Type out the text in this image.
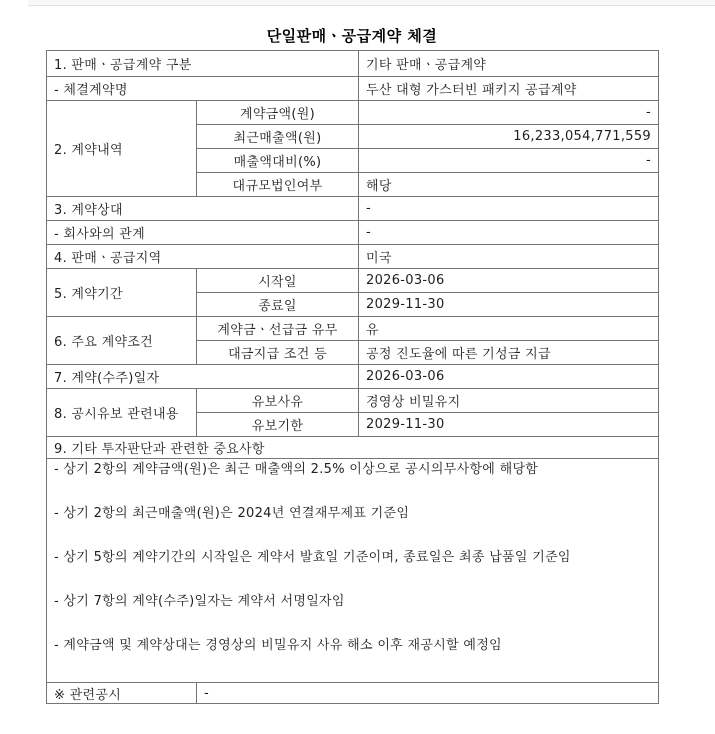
단일판매ㆍ공급계약 체결
1. 판매ㆍ공급계약 구분		기타 판매ㆍ공급계약
- 체결계약명		두산 대형 가스터빈 패키지 공급계약
2. 계약내역	계약금액(원)	-
	최근매출액(원)	16,233,054,771,559
	매출액대비(%)	-
	대규모법인여부	해당
3. 계약상대		-
- 회사와의 관계		-
4. 판매ㆍ공급지역		미국
5. 계약기간	시작일	2026-03-06
	종료일	2029-11-30
6. 주요 계약조건	계약금ㆍ선급금 유무	유
	대금지급 조건 등	공정 진도율에 따른 기성금 지급
7. 계약(수주)일자		2026-03-06
8. 공시유보 관련내용	유보사유	경영상 비밀유지
	유보기한	2029-11-30
9. 기타 투자판단과 관련한 중요사항		

- 상기 2항의 계약금액(원)은 최근 매출액의 2.5% 이상으로 공시의무사항에 해당함

- 상기 2항의 최근매출액(원)은 2024년 연결재무제표 기준임

- 상기 5항의 계약기간의 시작일은 계약서 발효일 기준이며, 종료일은 최종 납품일 기준임

- 상기 7항의 계약(수주)일자는 계약서 서명일자임

- 계약금액 및 계약상대는 경영상의 비밀유지 사유 해소 이후 재공시할 예정임		

※ 관련공시	-	
